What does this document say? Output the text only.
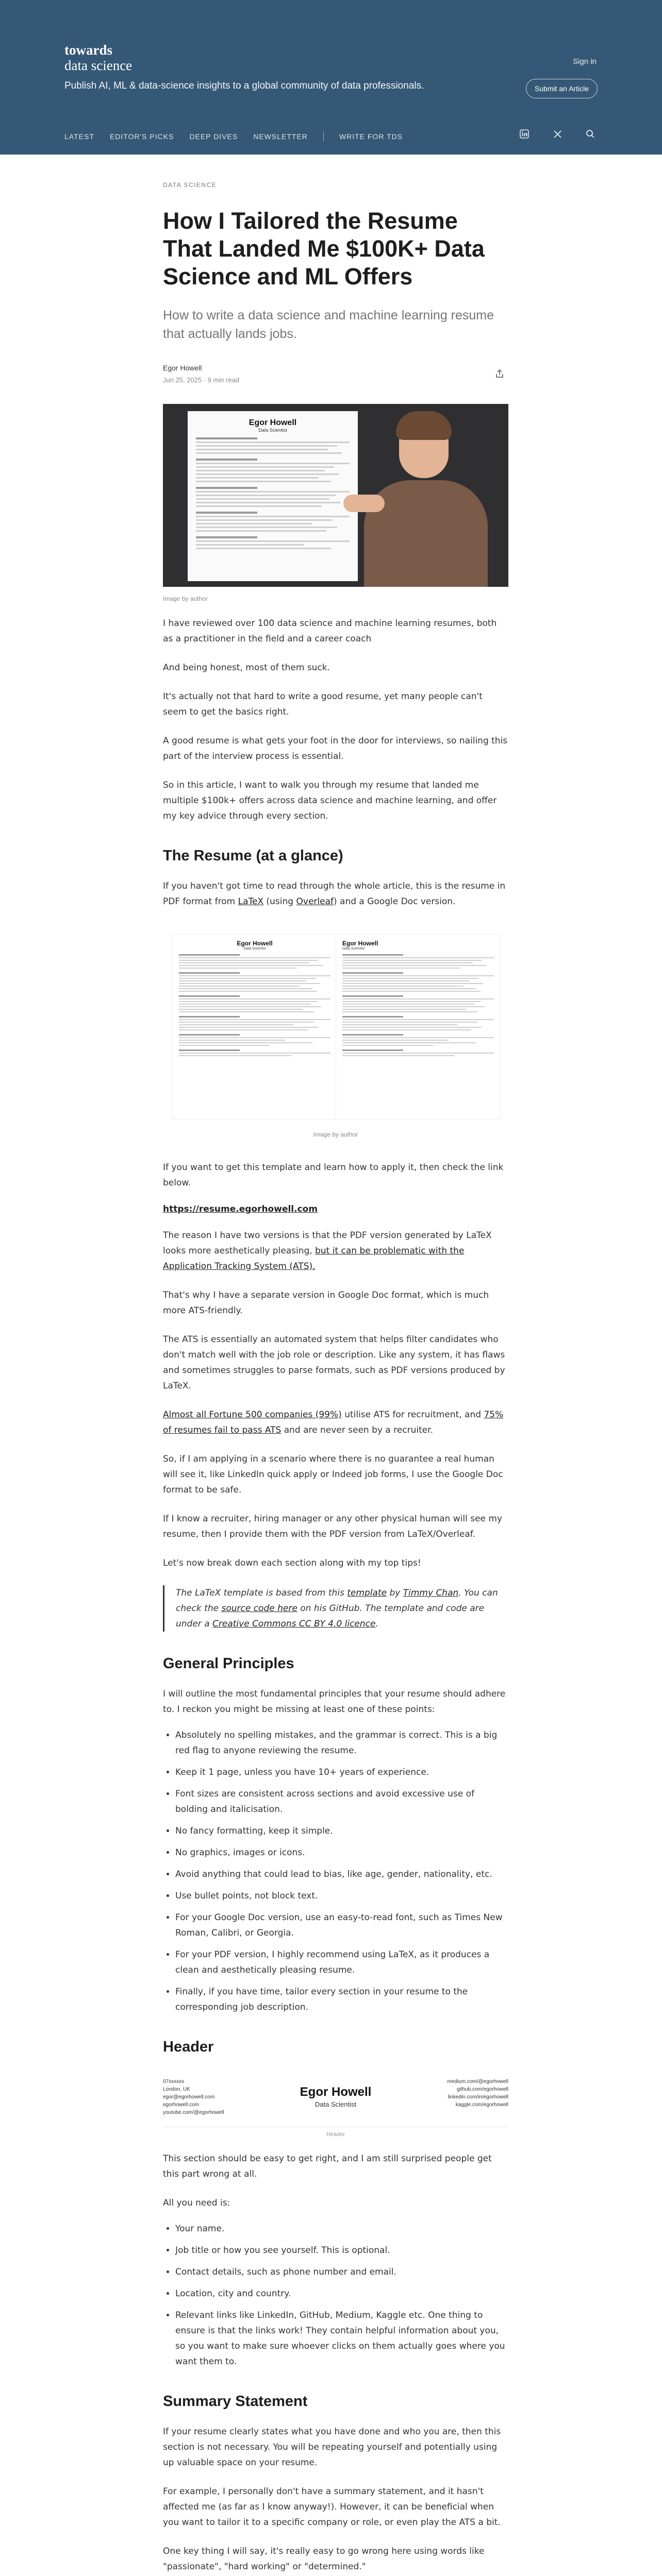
towards
data science
Publish AI, ML & data-science insights to a global community of data professionals.
Sign in
Submit an Article
LATEST EDITOR'S PICKS DEEP DIVES NEWSLETTER	WRITE FOR TDS
DATA SCIENCE
How I Tailored the Resume That Landed Me $100K+ Data Science and ML Offers
How to write a data science and machine learning resume that actually lands jobs.
Egor Howell
Jun 25, 2025 · 9 min read
Egor Howell
Data Scientist
Image by author

I have reviewed over 100 data science and machine learning resumes, both as a practitioner in the field and a career coach

And being honest, most of them suck.

It's actually not that hard to write a good resume, yet many people can't seem to get the basics right.

A good resume is what gets your foot in the door for interviews, so nailing this part of the interview process is essential.

So in this article, I want to walk you through my resume that landed me multiple $100k+ offers across data science and machine learning, and offer my key advice through every section.

The Resume (at a glance)

If you haven't got time to read through the whole article, this is the resume in PDF format from LaTeX (using Overleaf) and a Google Doc version.

Egor Howell
Data Scientist
Egor Howell
Data Scientist
Image by author

If you want to get this template and learn how to apply it, then check the link below.

https://resume.egorhowell.com

The reason I have two versions is that the PDF version generated by LaTeX looks more aesthetically pleasing, but it can be problematic with the Application Tracking System (ATS).

That's why I have a separate version in Google Doc format, which is much more ATS-friendly.

The ATS is essentially an automated system that helps filter candidates who don't match well with the job role or description. Like any system, it has flaws and sometimes struggles to parse formats, such as PDF versions produced by LaTeX.

Almost all Fortune 500 companies (99%) utilise ATS for recruitment, and 75% of resumes fail to pass ATS and are never seen by a recruiter.

So, if I am applying in a scenario where there is no guarantee a real human will see it, like LinkedIn quick apply or Indeed job forms, I use the Google Doc format to be safe.

If I know a recruiter, hiring manager or any other physical human will see my resume, then I provide them with the PDF version from LaTeX/Overleaf.

Let's now break down each section along with my top tips!

The LaTeX template is based from this template by Timmy Chan. You can check the source code here on his GitHub. The template and code are under a Creative Commons CC BY 4.0 licence.
General Principles

I will outline the most fundamental principles that your resume should adhere to. I reckon you might be missing at least one of these points:

• Absolutely no spelling mistakes, and the grammar is correct. This is a big red flag to anyone reviewing the resume.
• Keep it 1 page, unless you have 10+ years of experience.
• Font sizes are consistent across sections and avoid excessive use of bolding and italicisation.
• No fancy formatting, keep it simple.
• No graphics, images or icons.
• Avoid anything that could lead to bias, like age, gender, nationality, etc.
• Use bullet points, not block text.
• For your Google Doc version, use an easy-to-read font, such as Times New Roman, Calibri, or Georgia.
• For your PDF version, I highly recommend using LaTeX, as it produces a clean and aesthetically pleasing resume.
• Finally, if you have time, tailor every section in your resume to the corresponding job description.
Header
07xxxxxx
London, UK
egor@egorhowell.com
egorhowell.com
youtube.com/@egorhowell
Egor Howell
Data Scientist
medium.com/@egorhowell
github.com/egorhowell
linkedin.com/in/egorhowell
kaggle.com/egorhowell
Header

This section should be easy to get right, and I am still surprised people get this part wrong at all.

All you need is:

• Your name.
• Job title or how you see yourself. This is optional.
• Contact details, such as phone number and email.
• Location, city and country.
• Relevant links like LinkedIn, GitHub, Medium, Kaggle etc. One thing to ensure is that the links work! They contain helpful information about you, so you want to make sure whoever clicks on them actually goes where you want them to.
Summary Statement

If your resume clearly states what you have done and who you are, then this section is not necessary. You will be repeating yourself and potentially using up valuable space on your resume.

For example, I personally don't have a summary statement, and it hasn't affected me (as far as I know anyway!). However, it can be beneficial when you want to tailor it to a specific company or role, or even play the ATS a bit.

One key thing I will say, it's really easy to go wrong here using words like "passionate", "hard working" or "determined."
